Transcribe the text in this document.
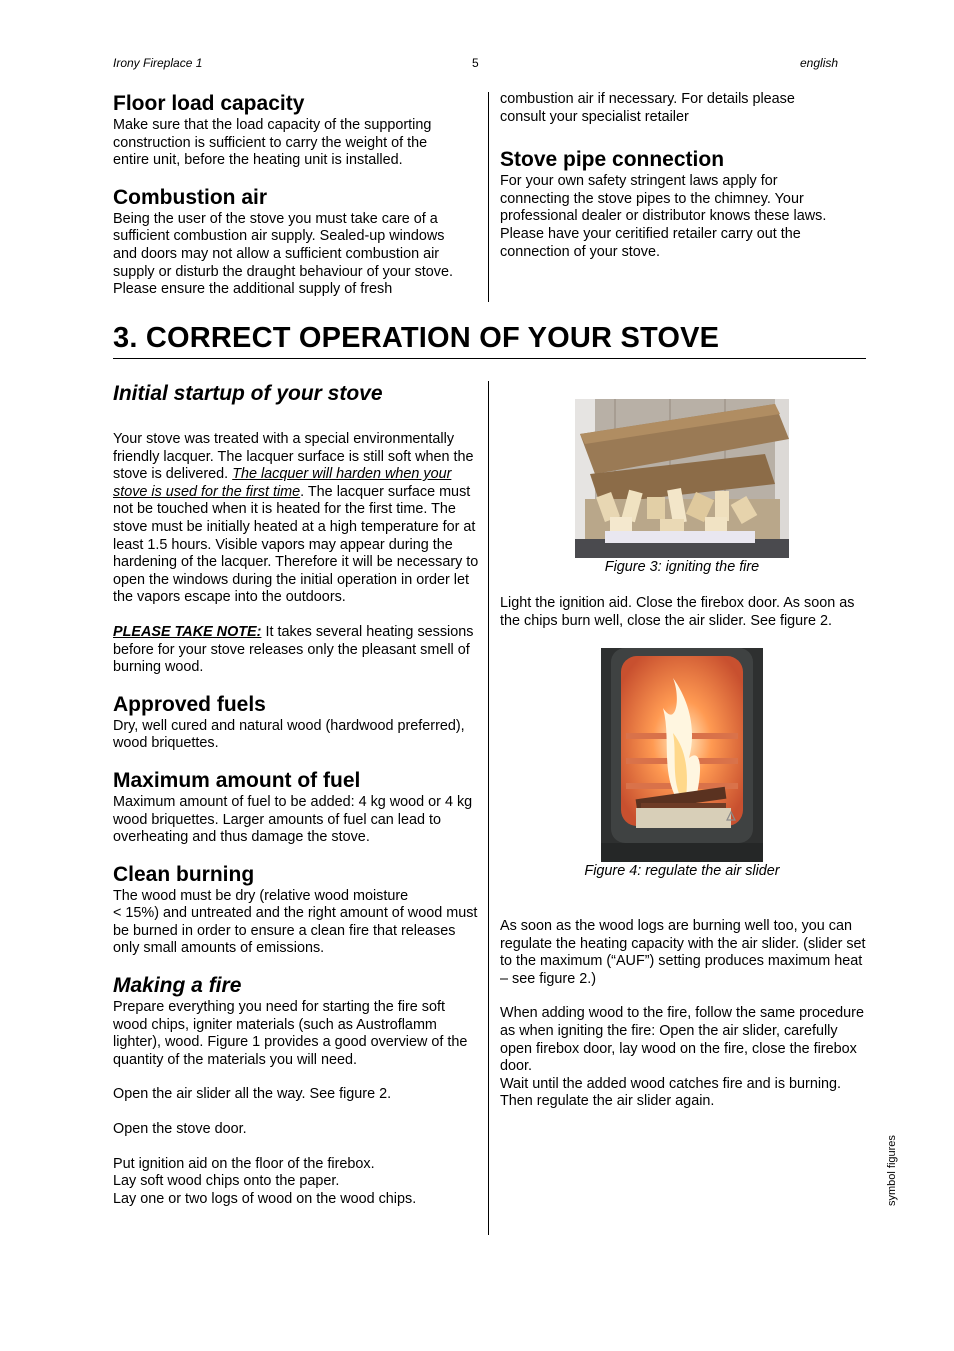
Irony Fireplace 1	5	english

Floor load capacity

Make sure that the load capacity of the supporting

construction is sufficient to carry the weight of the

entire unit, before the heating unit is installed.

Combustion air

Being the user of the stove you must take care of a

sufficient combustion air supply. Sealed-up windows

and doors may not allow a sufficient combustion air

supply or disturb the draught behaviour of your stove.

Please ensure the additional supply of fresh

combustion air if necessary. For details please

consult your specialist retailer

Stove pipe connection

For your own safety stringent laws apply for

connecting the stove pipes to the chimney. Your

professional dealer or distributor knows these laws.

Please have your ceritified retailer carry out the

connection of your stove.

3. CORRECT OPERATION OF YOUR STOVE

Initial startup of your stove

Your stove was treated with a special environmentally friendly lacquer. The lacquer surface is still soft when the stove is delivered. The lacquer will harden when your stove is used for the first time. The lacquer surface must not be touched when it is heated for the first time. The stove must be initially heated at a high temperature for at least 1.5 hours. Visible vapors may appear during the hardening of the lacquer. Therefore it will be necessary to open the windows during the initial operation in order let the vapors escape into the outdoors.

PLEASE TAKE NOTE: It takes several heating sessions before for your stove releases only the pleasant smell of burning wood.

Approved fuels

Dry, well cured and natural wood (hardwood preferred), wood briquettes.

Maximum amount of fuel

Maximum amount of fuel to be added: 4 kg wood or 4 kg wood briquettes. Larger amounts of fuel can lead to overheating and thus damage the stove.

Clean burning

The wood must be dry (relative wood moisture

< 15%) and untreated and the right amount of wood must be burned in order to ensure a clean fire that releases only small amounts of emissions.

Making a fire

Prepare everything you need for starting the fire soft wood chips, igniter materials (such as Austroflamm lighter), wood. Figure 1 provides a good overview of the quantity of the materials you will need.

Open the air slider all the way. See figure 2.

Open the stove door.

Put ignition aid on the floor of the firebox.

Lay soft wood chips onto the paper.

Lay one or two logs of wood on the wood chips.

Figure 3: igniting the fire
Light the ignition aid. Close the firebox door. As soon as the chips burn well, close the air slider. See figure 2.
Figure 4: regulate the air slider

As soon as the wood logs are burning well too, you can regulate the heating capacity with the air slider. (slider set to the maximum (“AUF”) setting produces maximum heat – see figure 2.)

When adding wood to the fire, follow the same procedure as when igniting the fire: Open the air slider, carefully open firebox door, lay wood on the fire, close the firebox door.

Wait until the added wood catches fire and is burning. Then regulate the air slider again.

symbol figures
